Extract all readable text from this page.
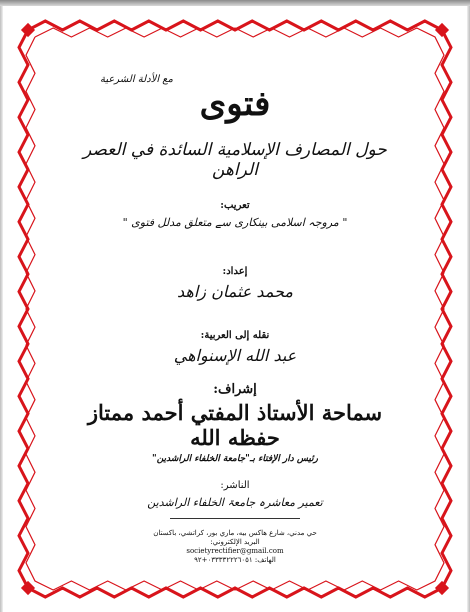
مع الأدلة الشرعية
فتوى
حول المصارف الإسلامية السائدة في العصر الراهن
تعريب:
" مروجہ اسلامی بینکاری سے متعلق مدلل فتوی "
إعداد:
محمد عثمان زاهد
نقله إلى العربية:
عبد الله الإسنواهي
إشراف:
سماحة الأستاذ المفتي أحمد ممتاز حفظه الله
رئيس دار الإفتاء بـ"جامعة الخلفاء الراشدين"
الناشر:
تعمیر معاشرہ جامعۃ الخلفاء الراشدین
حي مدني، شارع هاكس بيه، ماري بور، كراتشي، باكستان
البريد الإلكتروني:
societyrectifier@gmail.com
الهاتف: ٠٣٣٣٣٢٢٢٦٠٥١+٩٢
